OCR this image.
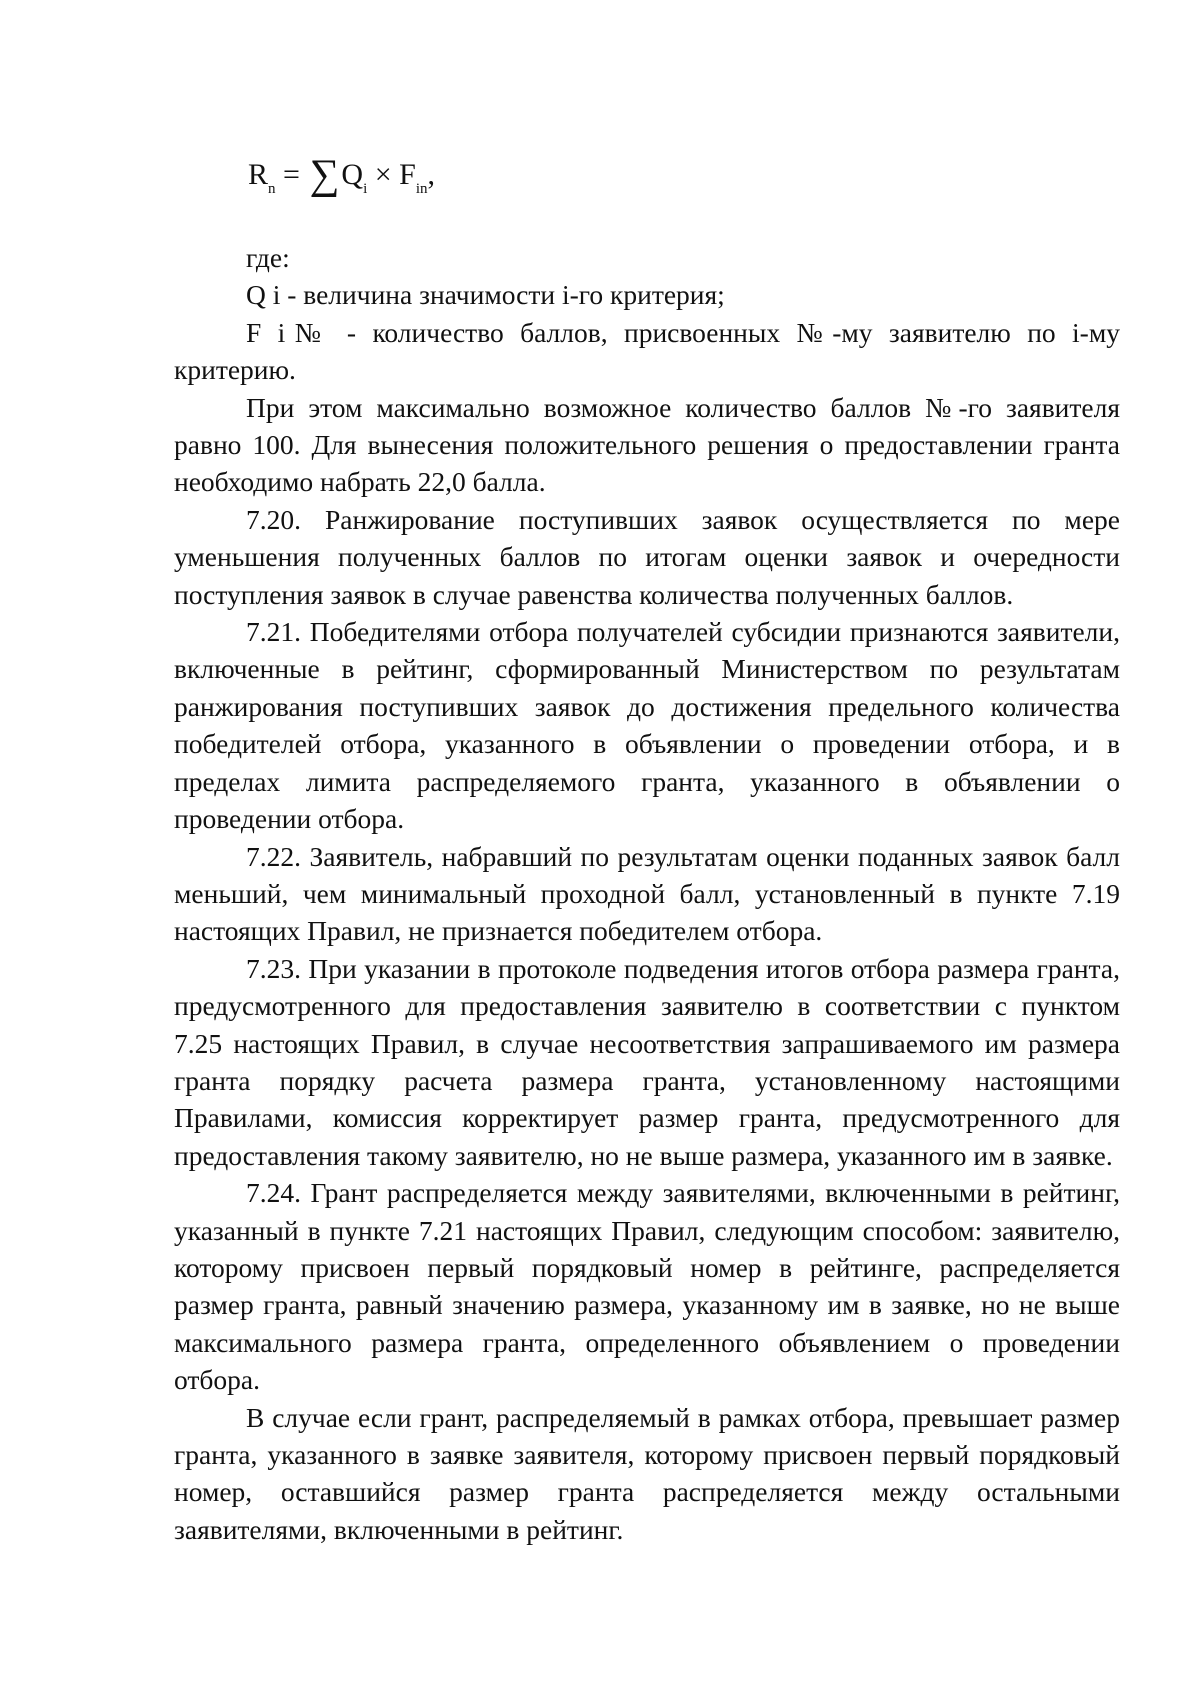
$R_n = \sum Q_i \times F_{in}$,

где:

Q i - величина значимости i-го критерия;

F i№ - количество баллов, присвоенных №-му заявителю по i-му критерию.

При этом максимально возможное количество баллов №-го заявителя равно 100. Для вынесения положительного решения о предоставлении гранта необходимо набрать 22,0 балла.

7.20. Ранжирование поступивших заявок осуществляется по мере уменьшения полученных баллов по итогам оценки заявок и очередности поступления заявок в случае равенства количества полученных баллов.

7.21. Победителями отбора получателей субсидии признаются заявители, включенные в рейтинг, сформированный Министерством по результатам ранжирования поступивших заявок до достижения предельного количества победителей отбора, указанного в объявлении о проведении отбора, и в пределах лимита распределяемого гранта, указанного в объявлении о проведении отбора.

7.22. Заявитель, набравший по результатам оценки поданных заявок балл меньший, чем минимальный проходной балл, установленный в пункте 7.19 настоящих Правил, не признается победителем отбора.

7.23. При указании в протоколе подведения итогов отбора размера гранта, предусмотренного для предоставления заявителю в соответствии с пунктом 7.25 настоящих Правил, в случае несоответствия запрашиваемого им размера гранта порядку расчета размера гранта, установленному настоящими Правилами, комиссия корректирует размер гранта, предусмотренного для предоставления такому заявителю, но не выше размера, указанного им в заявке.

7.24. Грант распределяется между заявителями, включенными в рейтинг, указанный в пункте 7.21 настоящих Правил, следующим способом: заявителю, которому присвоен первый порядковый номер в рейтинге, распределяется размер гранта, равный значению размера, указанному им в заявке, но не выше максимального размера гранта, определенного объявлением о проведении отбора.

В случае если грант, распределяемый в рамках отбора, превышает размер гранта, указанного в заявке заявителя, которому присвоен первый порядковый номер, оставшийся размер гранта распределяется между остальными заявителями, включенными в рейтинг.
